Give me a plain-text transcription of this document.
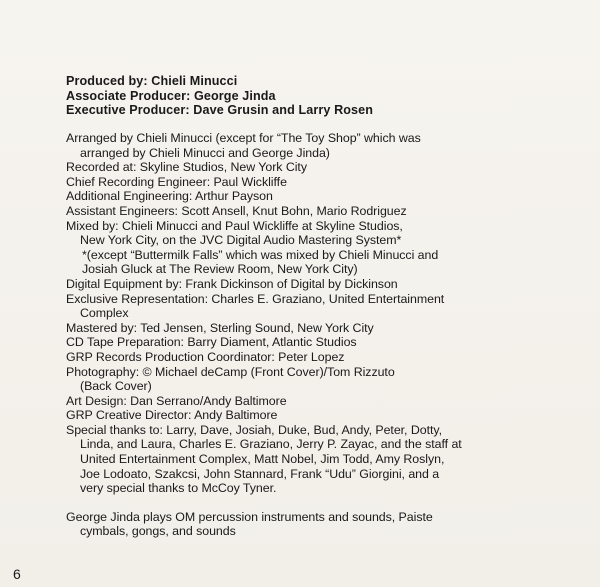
Produced by: Chieli Minucci
Associate Producer: George Jinda
Executive Producer: Dave Grusin and Larry Rosen
Arranged by Chieli Minucci (except for “The Toy Shop” which was
arranged by Chieli Minucci and George Jinda)
Recorded at: Skyline Studios, New York City
Chief Recording Engineer: Paul Wickliffe
Additional Engineering: Arthur Payson
Assistant Engineers: Scott Ansell, Knut Bohn, Mario Rodriguez
Mixed by: Chieli Minucci and Paul Wickliffe at Skyline Studios,
New York City, on the JVC Digital Audio Mastering System*
*(except “Buttermilk Falls” which was mixed by Chieli Minucci and
Josiah Gluck at The Review Room, New York City)
Digital Equipment by: Frank Dickinson of Digital by Dickinson
Exclusive Representation: Charles E. Graziano, United Entertainment
Complex
Mastered by: Ted Jensen, Sterling Sound, New York City
CD Tape Preparation: Barry Diament, Atlantic Studios
GRP Records Production Coordinator: Peter Lopez
Photography: © Michael deCamp (Front Cover)/Tom Rizzuto
(Back Cover)
Art Design: Dan Serrano/Andy Baltimore
GRP Creative Director: Andy Baltimore
Special thanks to: Larry, Dave, Josiah, Duke, Bud, Andy, Peter, Dotty,
Linda, and Laura, Charles E. Graziano, Jerry P. Zayac, and the staff at
United Entertainment Complex, Matt Nobel, Jim Todd, Amy Roslyn,
Joe Lodoato, Szakcsi, John Stannard, Frank “Udu” Giorgini, and a
very special thanks to McCoy Tyner.
George Jinda plays OM percussion instruments and sounds, Paiste
cymbals, gongs, and sounds
6
